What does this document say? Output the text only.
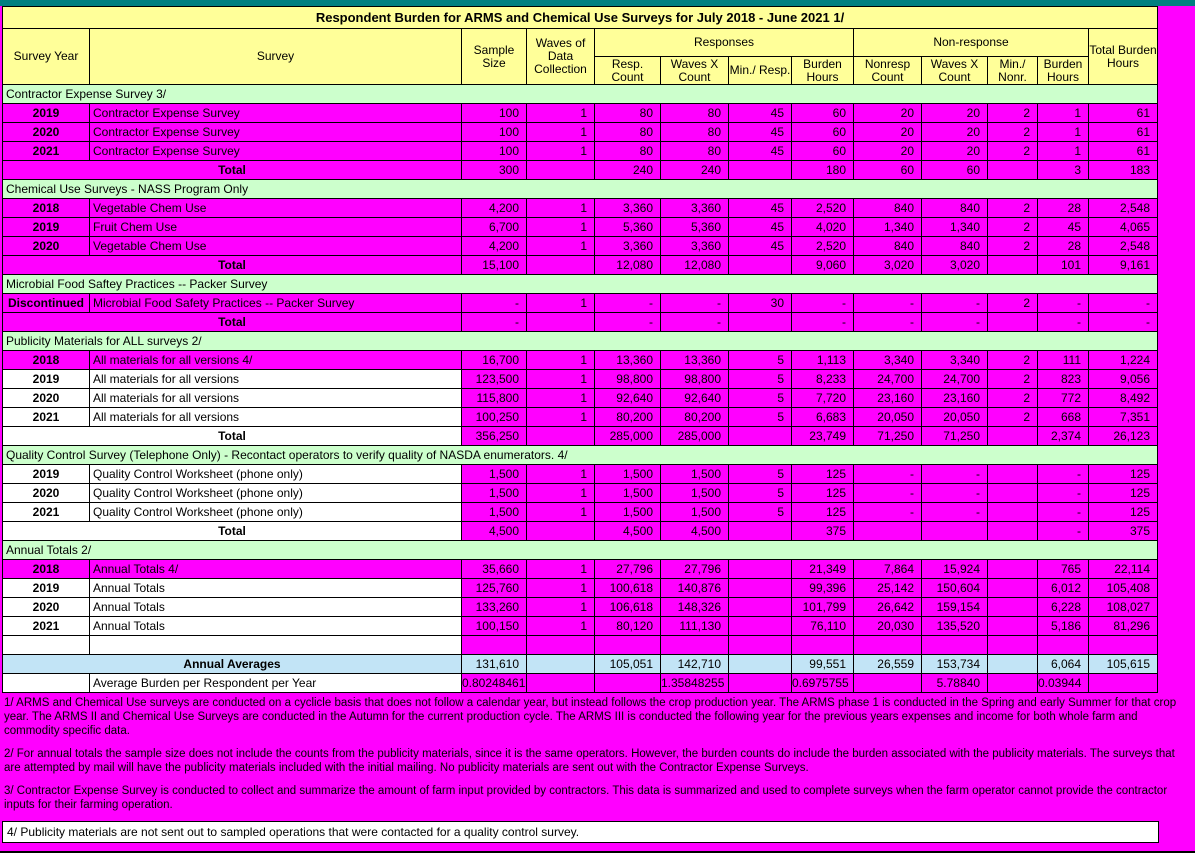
Respondent Burden for ARMS and Chemical Use Surveys for July 2018 - June 2021 1/												
Survey Year	Survey	Sample Size	Waves of Data Collection	Responses				Non-response				Total Burden Hours
				Resp. Count	Waves X Count	Min./ Resp.	Burden Hours	Nonresp Count	Waves X Count	Min./ Nonr.	Burden Hours	
Contractor Expense Survey 3/												
2019	Contractor Expense Survey	100	1	80	80	45	60	20	20	2	1	61
2020	Contractor Expense Survey	100	1	80	80	45	60	20	20	2	1	61
2021	Contractor Expense Survey	100	1	80	80	45	60	20	20	2	1	61
Total		300		240	240		180	60	60		3	183
Chemical Use Surveys - NASS Program Only												
2018	Vegetable Chem Use	4,200	1	3,360	3,360	45	2,520	840	840	2	28	2,548
2019	Fruit Chem Use	6,700	1	5,360	5,360	45	4,020	1,340	1,340	2	45	4,065
2020	Vegetable Chem Use	4,200	1	3,360	3,360	45	2,520	840	840	2	28	2,548
Total		15,100		12,080	12,080		9,060	3,020	3,020		101	9,161
Microbial Food Saftey Practices -- Packer Survey												
Discontinued	Microbial Food Safety Practices -- Packer Survey	-	1	-	-	30	-	-	-	2	-	-
Total		-		-	-		-	-	-		-	-
Publicity Materials for ALL surveys 2/												
2018	All materials for all versions 4/	16,700	1	13,360	13,360	5	1,113	3,340	3,340	2	111	1,224
2019	All materials for all versions	123,500	1	98,800	98,800	5	8,233	24,700	24,700	2	823	9,056
2020	All materials for all versions	115,800	1	92,640	92,640	5	7,720	23,160	23,160	2	772	8,492
2021	All materials for all versions	100,250	1	80,200	80,200	5	6,683	20,050	20,050	2	668	7,351
Total		356,250		285,000	285,000		23,749	71,250	71,250		2,374	26,123
Quality Control Survey (Telephone Only) - Recontact operators to verify quality of NASDA enumerators. 4/												
2019	Quality Control Worksheet (phone only)	1,500	1	1,500	1,500	5	125	-	-		-	125
2020	Quality Control Worksheet (phone only)	1,500	1	1,500	1,500	5	125	-	-		-	125
2021	Quality Control Worksheet (phone only)	1,500	1	1,500	1,500	5	125	-	-		-	125
Total		4,500		4,500	4,500		375				-	375
Annual Totals 2/												
2018	Annual Totals 4/	35,660	1	27,796	27,796		21,349	7,864	15,924		765	22,114
2019	Annual Totals	125,760	1	100,618	140,876		99,396	25,142	150,604		6,012	105,408
2020	Annual Totals	133,260	1	106,618	148,326		101,799	26,642	159,154		6,228	108,027
2021	Annual Totals	100,150	1	80,120	111,130		76,110	20,030	135,520		5,186	81,296

Annual Averages		131,610		105,051	142,710		99,551	26,559	153,734		6,064	105,615
	Average Burden per Respondent per Year	0.80248461			1.35848255		0.6975755		5.78840		0.03944	

1/ ARMS and Chemical Use surveys are conducted on a cyclicle basis that does not follow a calendar year, but instead follows the crop production year. The ARMS phase 1 is conducted in the Spring and early Summer for that crop year. The ARMS II and Chemical Use Surveys are conducted in the Autumn for the current production cycle. The ARMS III is conducted the following year for the previous years expenses and income for both whole farm and commodity specific data.

2/ For annual totals the sample size does not include the counts from the publicity materials, since it is the same operators. However, the burden counts do include the burden associated with the publicity materials. The surveys that are attempted by mail will have the publicity materials included with the initial mailing. No publicity materials are sent out with the Contractor Expense Surveys.

3/ Contractor Expense Survey is conducted to collect and summarize the amount of farm input provided by contractors. This data is summarized and used to complete surveys when the farm operator cannot provide the contractor inputs for their farming operation.

4/ Publicity materials are not sent out to sampled operations that were contacted for a quality control survey.
